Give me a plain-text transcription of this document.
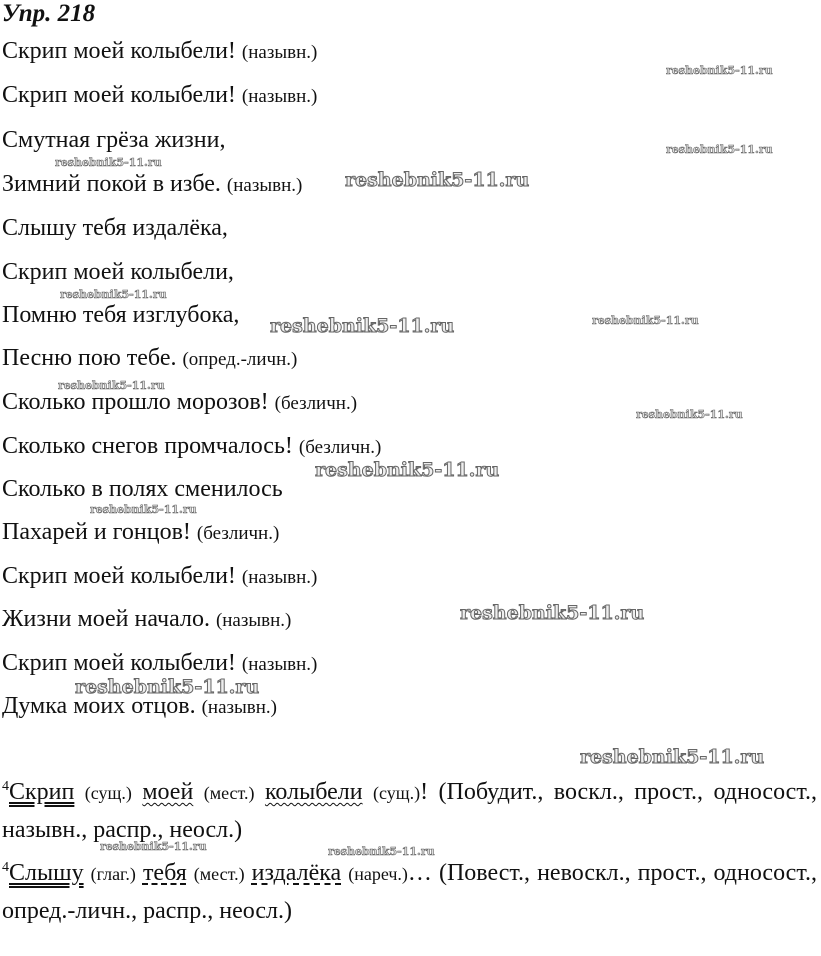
Упр. 218
Скрип моей колыбели! (назывн.)
Скрип моей колыбели! (назывн.)
Смутная грёза жизни,
Зимний покой в избе. (назывн.)
Слышу тебя издалёка,
Скрип моей колыбели,
Помню тебя изглубока,
Песню пою тебе. (опред.-личн.)
Сколько прошло морозов! (безличн.)
Сколько снегов промчалось! (безличн.)
Сколько в полях сменилось
Пахарей и гонцов! (безличн.)
Скрип моей колыбели! (назывн.)
Жизни моей начало. (назывн.)
Скрип моей колыбели! (назывн.)
Думка моих отцов. (назывн.)
$^4$Скрип (сущ.) моей (мест.) колыбели (сущ.)! (Побудит., воскл., прост., односост., назывн., распр., неосл.)
$^4$Слышу (глаг.) тебя (мест.) издалёка (нареч.)… (Повест., невоскл., прост., односост., опред.-личн., распр., неосл.)
reshebnik5-11.ru
reshebnik5-11.ru
reshebnik5-11.ru
reshebnik5-11.ru
reshebnik5-11.ru
reshebnik5-11.ru	reshebnik5-11.ru
reshebnik5-11.ru
reshebnik5-11.ru
reshebnik5-11.ru
reshebnik5-11.ru
reshebnik5-11.ru
reshebnik5-11.ru
reshebnik5-11.ru
reshebnik5-11.ru	reshebnik5-11.ru
